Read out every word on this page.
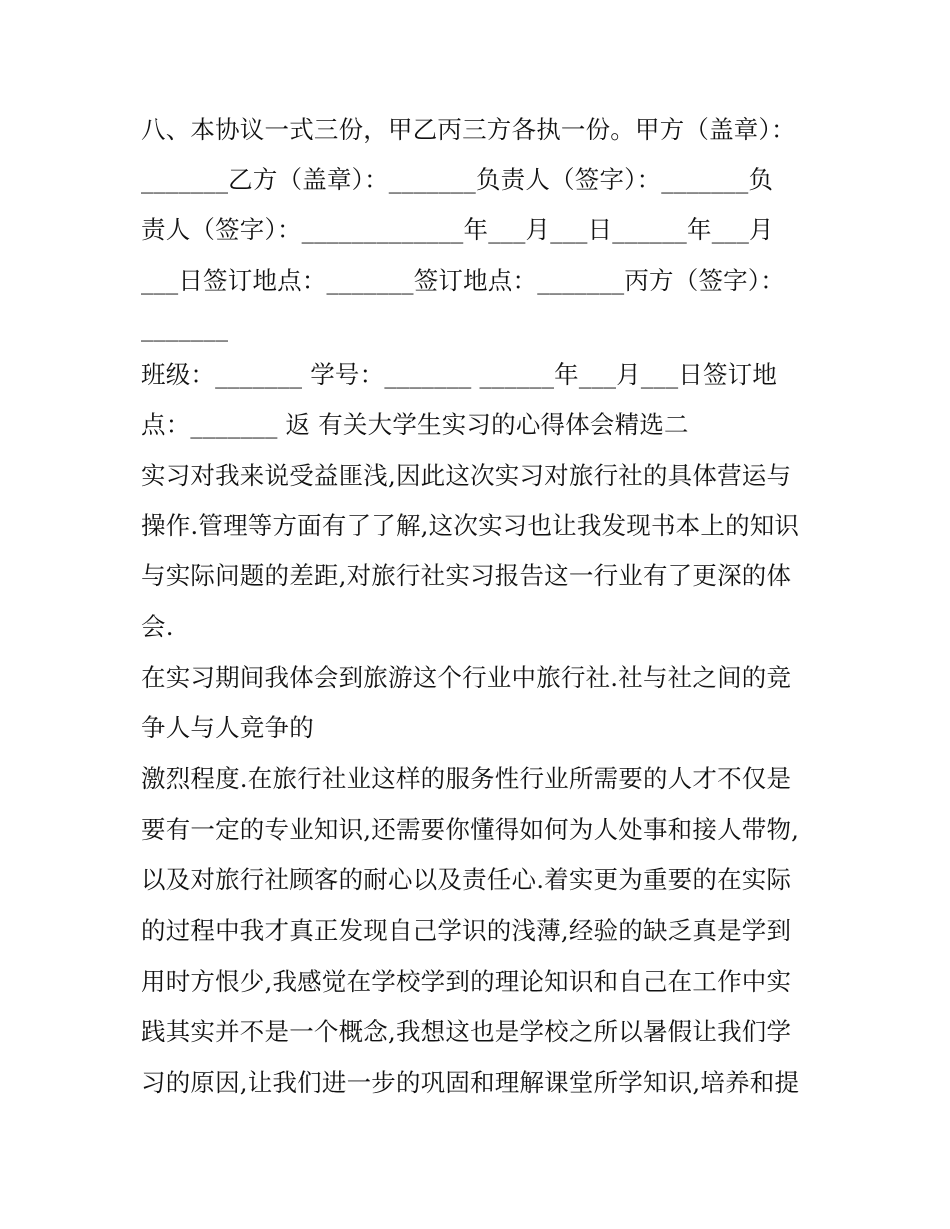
八、本协议一式三份，甲乙丙三方各执一份。甲方（盖章）：
_______乙方（盖章）：_______负责人（签字）：_______负
责人（签字）：_____________年___月___日______年___月
___日签订地点：_______签订地点：_______丙方（签字）：
_______
班级：_______ 学号：_______ ______年___月___日签订地
点：_______ 返 有关大学生实习的心得体会精选二
实习对我来说受益匪浅,因此这次实习对旅行社的具体营运与
操作.管理等方面有了了解,这次实习也让我发现书本上的知识
与实际问题的差距,对旅行社实习报告这一行业有了更深的体
会.
在实习期间我体会到旅游这个行业中旅行社.社与社之间的竞
争人与人竞争的
激烈程度.在旅行社业这样的服务性行业所需要的人才不仅是
要有一定的专业知识,还需要你懂得如何为人处事和接人带物,
以及对旅行社顾客的耐心以及责任心.着实更为重要的在实际
的过程中我才真正发现自己学识的浅薄,经验的缺乏真是学到
用时方恨少,我感觉在学校学到的理论知识和自己在工作中实
践其实并不是一个概念,我想这也是学校之所以暑假让我们学
习的原因,让我们进一步的巩固和理解课堂所学知识,培养和提
